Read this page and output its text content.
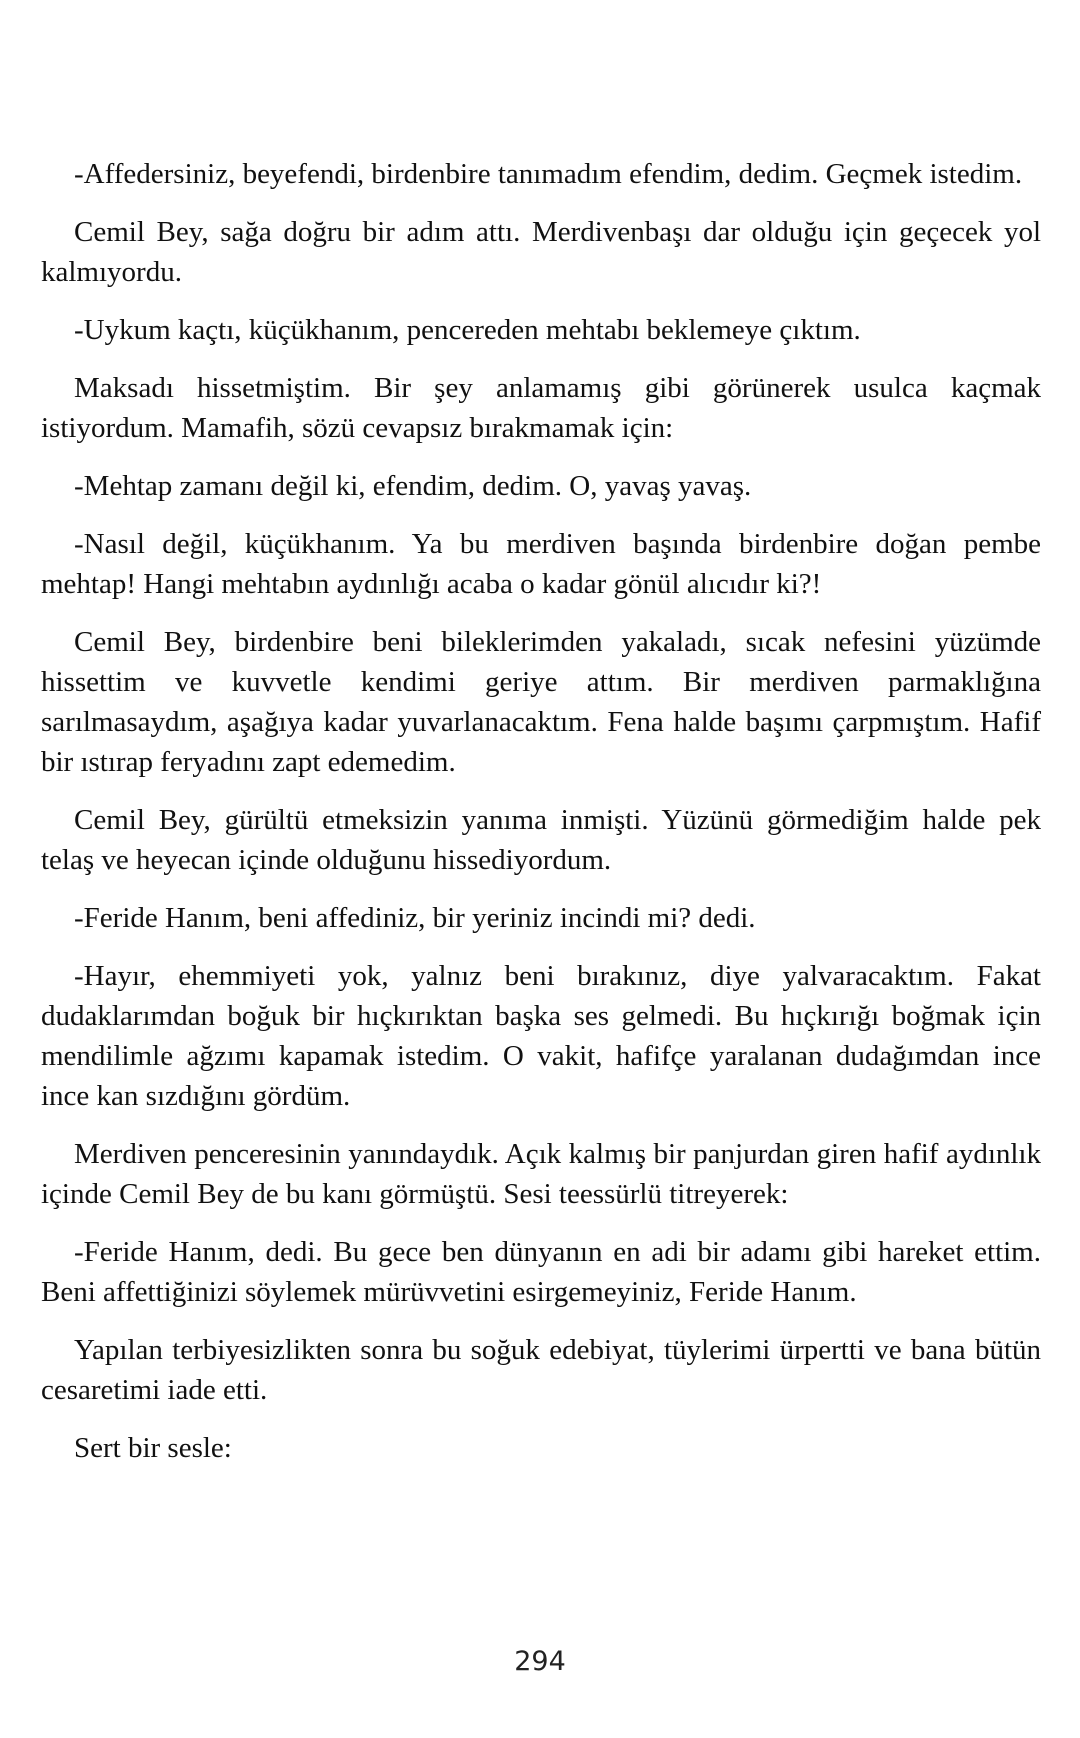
-Affedersiniz, beyefendi, birdenbire tanımadım efendim, dedim. Geçmek istedim.

Cemil Bey, sağa doğru bir adım attı. Merdivenbaşı dar olduğu için geçecek yol kalmıyordu.

-Uykum kaçtı, küçükhanım, pencereden mehtabı beklemeye çıktım.

Maksadı hissetmiştim. Bir şey anlamamış gibi görünerek usulca kaçmak istiyordum. Mamafih, sözü cevapsız bırakmamak için:

-Mehtap zamanı değil ki, efendim, dedim. O, yavaş yavaş.

-Nasıl değil, küçükhanım. Ya bu merdiven başında birdenbire doğan pembe mehtap! Hangi mehtabın aydınlığı acaba o kadar gönül alıcıdır ki?!

Cemil Bey, birdenbire beni bileklerimden yakaladı, sıcak nefesini yüzümde hissettim ve kuvvetle kendimi geriye attım. Bir merdiven parmaklığına sarılmasaydım, aşağıya kadar yuvarlanacaktım. Fena halde başımı çarpmıştım. Hafif bir ıstırap feryadını zapt edemedim.

Cemil Bey, gürültü etmeksizin yanıma inmişti. Yüzünü görmediğim halde pek telaş ve heyecan içinde olduğunu hissediyordum.

-Feride Hanım, beni affediniz, bir yeriniz incindi mi? dedi.

-Hayır, ehemmiyeti yok, yalnız beni bırakınız, diye yalvaracaktım. Fakat dudaklarımdan boğuk bir hıçkırıktan başka ses gelmedi. Bu hıçkırığı boğmak için mendilimle ağzımı kapamak istedim. O vakit, hafifçe yaralanan dudağımdan ince ince kan sızdığını gördüm.

Merdiven penceresinin yanındaydık. Açık kalmış bir panjurdan giren hafif aydınlık içinde Cemil Bey de bu kanı görmüştü. Sesi teessürlü titreyerek:

-Feride Hanım, dedi. Bu gece ben dünyanın en adi bir adamı gibi hareket ettim. Beni affettiğinizi söylemek mürüvvetini esirgemeyiniz, Feride Hanım.

Yapılan terbiyesizlikten sonra bu soğuk edebiyat, tüylerimi ürpertti ve bana bütün cesaretimi iade etti.

Sert bir sesle:

294
